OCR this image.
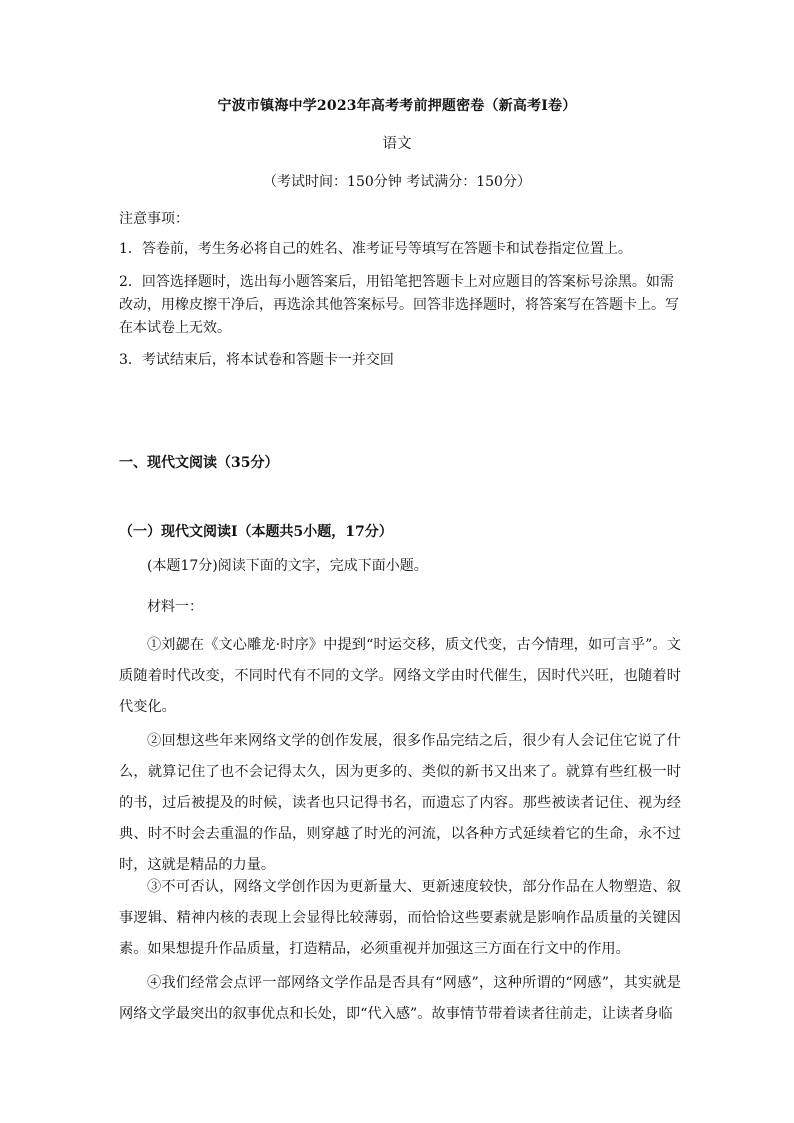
宁波市镇海中学2023年高考考前押题密卷（新高考Ⅰ卷）
语文
（考试时间：150分钟 考试满分：150分）
注意事项：
1．答卷前，考生务必将自己的姓名、准考证号等填写在答题卡和试卷指定位置上。
2．回答选择题时，选出每小题答案后，用铅笔把答题卡上对应题目的答案标号涂黑。如需改动，用橡皮擦干净后，再选涂其他答案标号。回答非选择题时，将答案写在答题卡上。写在本试卷上无效。
3．考试结束后，将本试卷和答题卡一并交回
一、现代文阅读（35分）
（一）现代文阅读Ⅰ（本题共5小题，17分）
(本题17分)阅读下面的文字，完成下面小题。
材料一：
①刘勰在《文心雕龙·时序》中提到“时运交移，质文代变，古今情理，如可言乎”。文质随着时代改变，不同时代有不同的文学。网络文学由时代催生，因时代兴旺，也随着时代变化。
②回想这些年来网络文学的创作发展，很多作品完结之后，很少有人会记住它说了什么，就算记住了也不会记得太久，因为更多的、类似的新书又出来了。就算有些红极一时的书，过后被提及的时候，读者也只记得书名，而遗忘了内容。那些被读者记住、视为经典、时不时会去重温的作品，则穿越了时光的河流，以各种方式延续着它的生命，永不过时，这就是精品的力量。
③不可否认，网络文学创作因为更新量大、更新速度较快，部分作品在人物塑造、叙事逻辑、精神内核的表现上会显得比较薄弱，而恰恰这些要素就是影响作品质量的关键因素。如果想提升作品质量，打造精品，必须重视并加强这三方面在行文中的作用。
④我们经常会点评一部网络文学作品是否具有“网感”，这种所谓的“网感”，其实就是网络文学最突出的叙事优点和长处，即“代入感”。故事情节带着读者往前走，让读者身临
